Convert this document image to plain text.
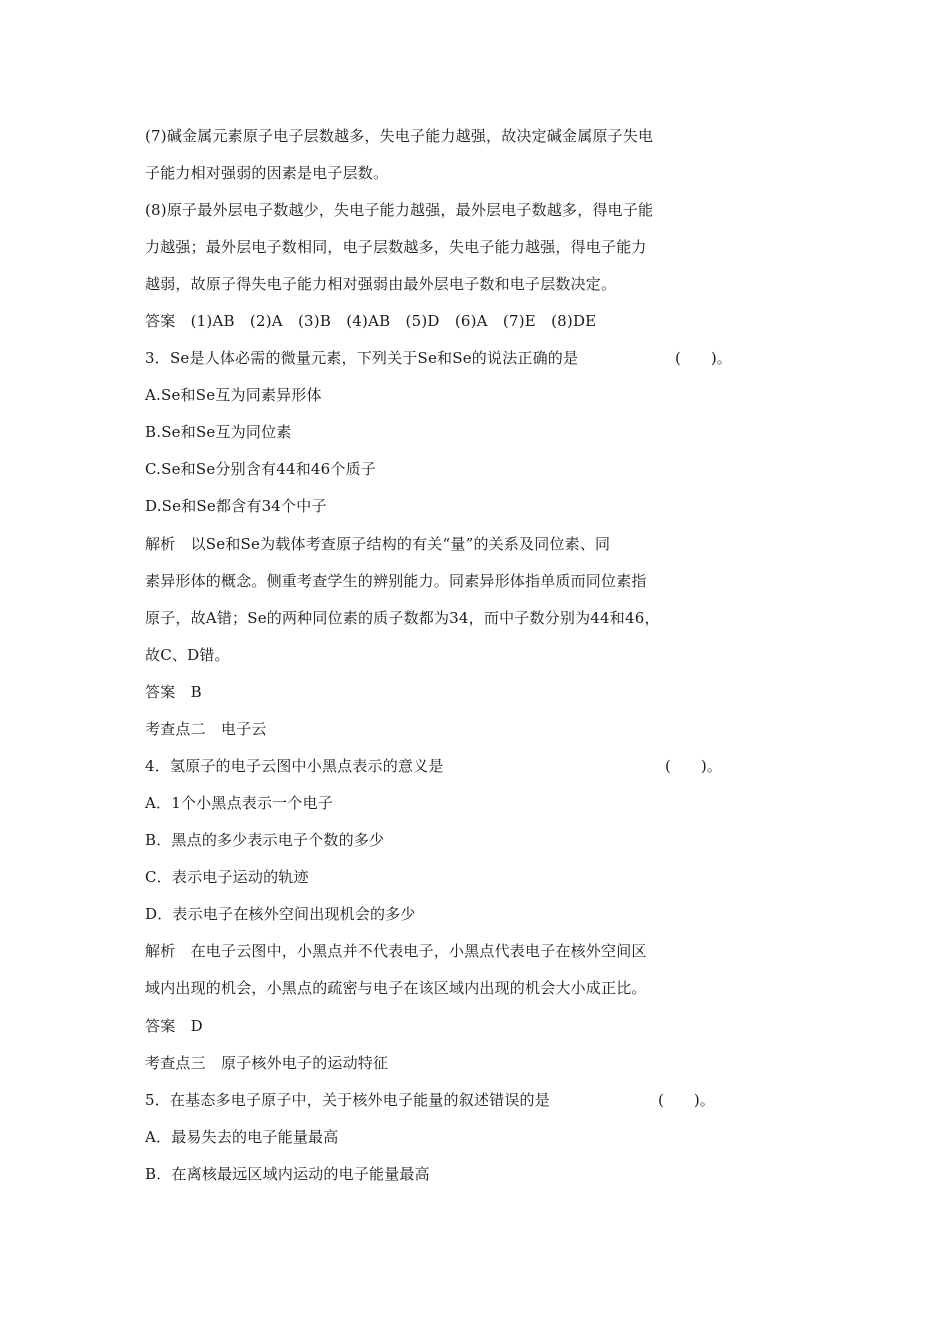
(7)碱金属元素原子电子层数越多，失电子能力越强，故决定碱金属原子失电
子能力相对强弱的因素是电子层数。
(8)原子最外层电子数越少，失电子能力越强，最外层电子数越多，得电子能
力越强；最外层电子数相同，电子层数越多，失电子能力越强，得电子能力
越弱，故原子得失电子能力相对强弱由最外层电子数和电子层数决定。
答案　(1)AB　(2)A　(3)B　(4)AB　(5)D　(6)A　(7)E　(8)DE
3．Se是人体必需的微量元素，下列关于Se和Se的说法正确的是	(　　)。
A.Se和Se互为同素异形体
B.Se和Se互为同位素
C.Se和Se分别含有44和46个质子
D.Se和Se都含有34个中子
解析　以Se和Se为载体考查原子结构的有关“量”的关系及同位素、同
素异形体的概念。侧重考查学生的辨别能力。同素异形体指单质而同位素指
原子，故A错；Se的两种同位素的质子数都为34，而中子数分别为44和46，
故C、D错。
答案　B
考查点二　电子云
4．氢原子的电子云图中小黑点表示的意义是	(　　)。
A．1个小黑点表示一个电子
B．黑点的多少表示电子个数的多少
C．表示电子运动的轨迹
D．表示电子在核外空间出现机会的多少
解析　在电子云图中，小黑点并不代表电子，小黑点代表电子在核外空间区
域内出现的机会，小黑点的疏密与电子在该区域内出现的机会大小成正比。
答案　D
考查点三　原子核外电子的运动特征
5．在基态多电子原子中，关于核外电子能量的叙述错误的是	(　　)。
A．最易失去的电子能量最高
B．在离核最远区域内运动的电子能量最高
